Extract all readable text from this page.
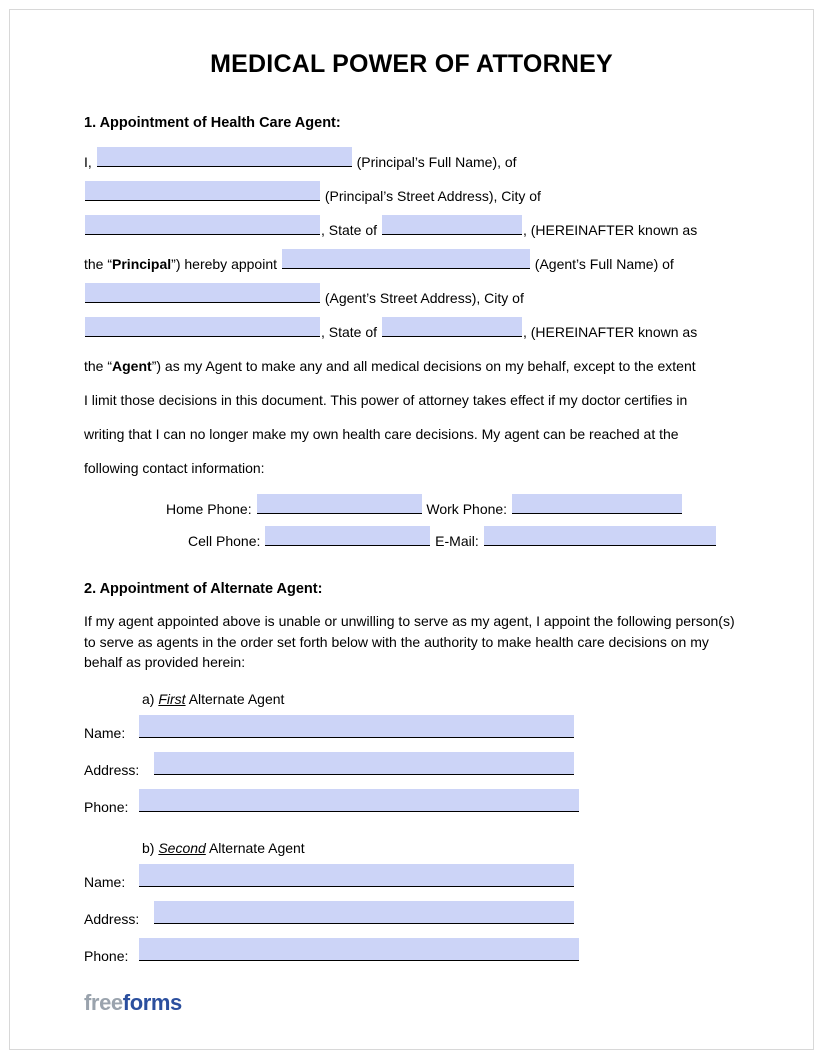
MEDICAL POWER OF ATTORNEY
1. Appointment of Health Care Agent:
I,	(Principal’s Full Name), of
(Principal’s Street Address), City of
, State of	, (HEREINAFTER known as
the “Principal”) hereby appoint	(Agent’s Full Name) of
(Agent’s Street Address), City of
, State of	, (HEREINAFTER known as
the “Agent”) as my Agent to make any and all medical decisions on my behalf, except to the extent
I limit those decisions in this document. This power of attorney takes effect if my doctor certifies in
writing that I can no longer make my own health care decisions. My agent can be reached at the
following contact information:
Home Phone:	Work Phone:
Cell Phone:	E-Mail:
2. Appointment of Alternate Agent:

If my agent appointed above is unable or unwilling to serve as my agent, I appoint the following person(s) to serve as agents in the order set forth below with the authority to make health care decisions on my behalf as provided herein:

a) First Alternate Agent
Name:
Address:
Phone:
b) Second Alternate Agent
Name:
Address:
Phone:
freeforms
